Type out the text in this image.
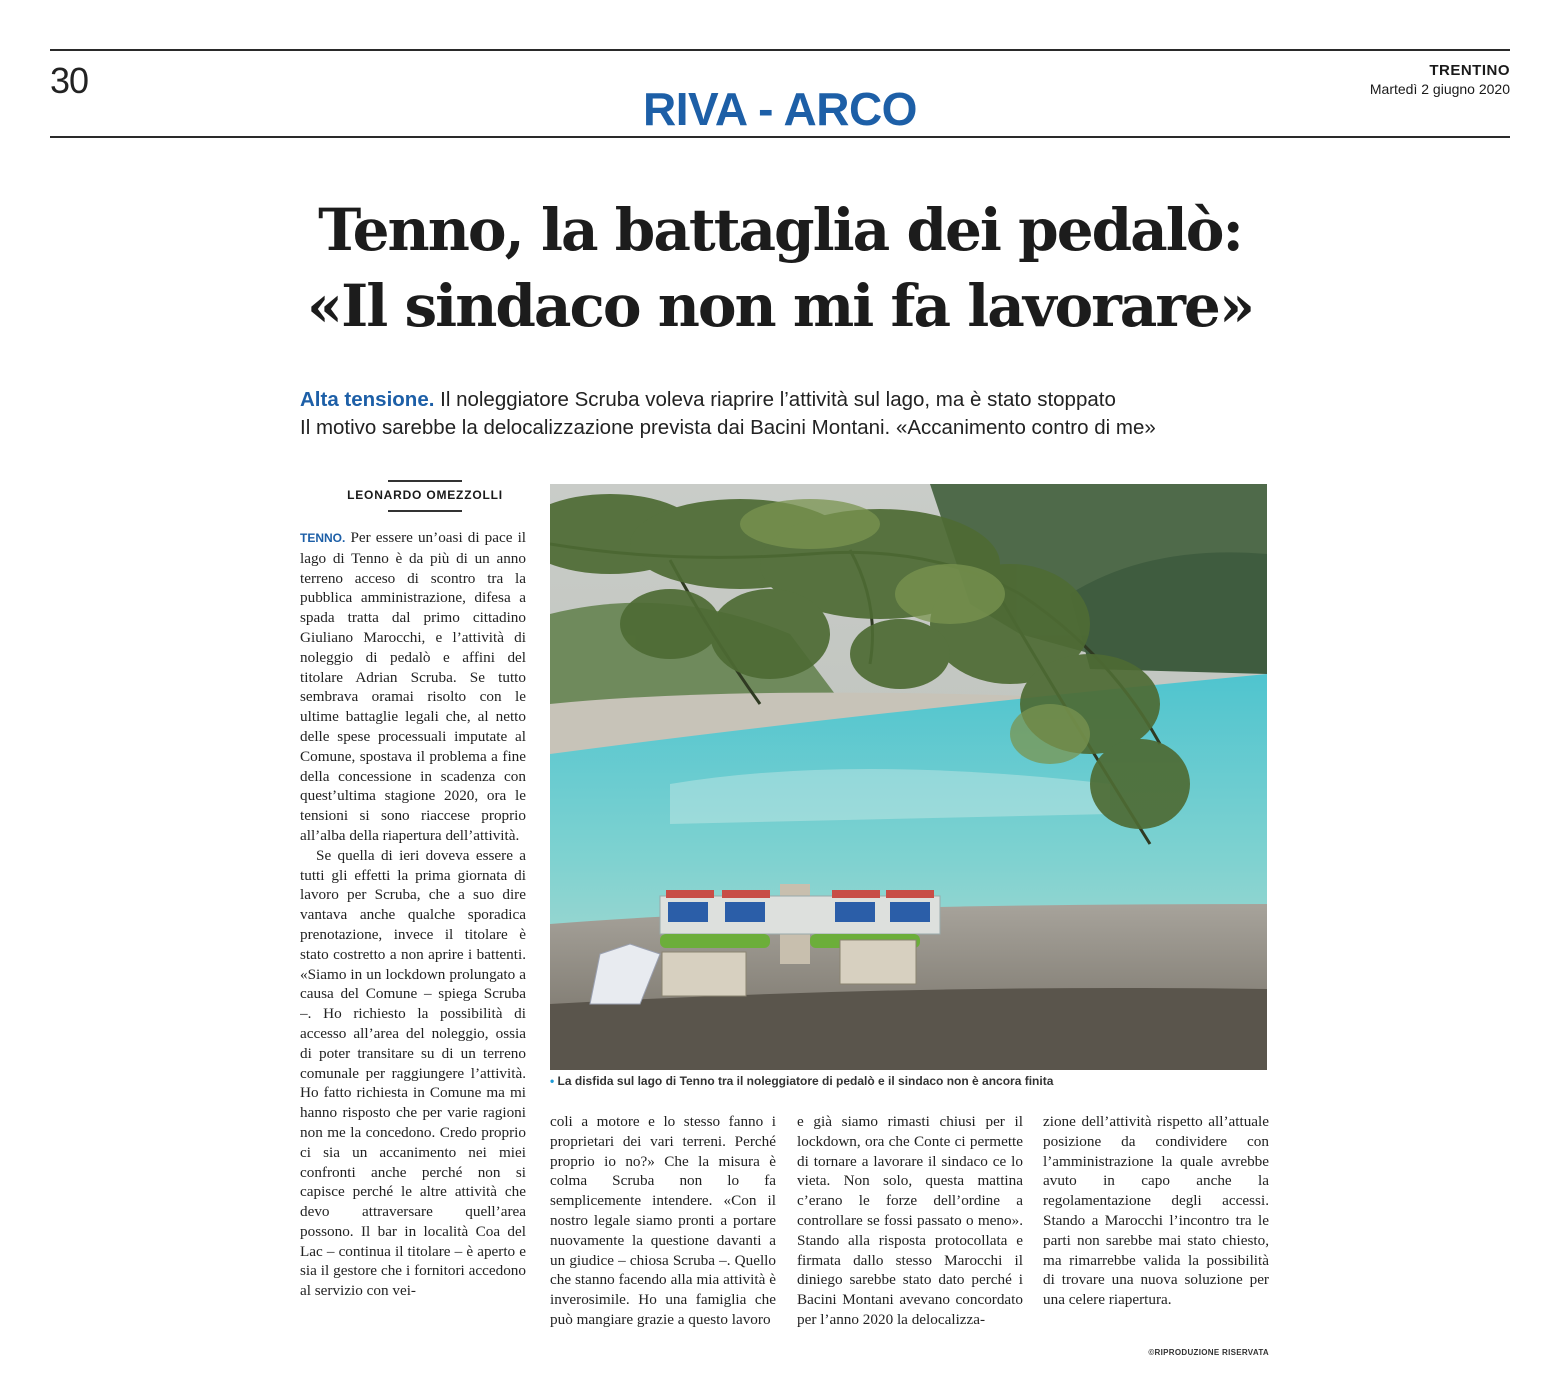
30
RIVA - ARCO
TRENTINO
Martedì 2 giugno 2020
Tenno, la battaglia dei pedalò:
«Il sindaco non mi fa lavorare»
Alta tensione. Il noleggiatore Scruba voleva riaprire l’attività sul lago, ma è stato stoppato
Il motivo sarebbe la delocalizzazione prevista dai Bacini Montani. «Accanimento contro di me»
LEONARDO OMEZZOLLI

TENNO. Per essere un’oasi di pace il lago di Tenno è da più di un anno terreno acceso di scontro tra la pubblica amministrazione, difesa a spada tratta dal primo cittadino Giuliano Marocchi, e l’attività di noleggio di pedalò e affini del titolare Adrian Scruba. Se tutto sembrava oramai risolto con le ultime battaglie legali che, al netto delle spese processuali imputate al Comune, spostava il problema a fine della concessione in scadenza con quest’ultima stagione 2020, ora le tensioni si sono riaccese proprio all’alba della riapertura dell’attività.

Se quella di ieri doveva essere a tutti gli effetti la prima giornata di lavoro per Scruba, che a suo dire vantava anche qualche sporadica prenotazione, invece il titolare è stato costretto a non aprire i battenti. «Siamo in un lockdown prolungato a causa del Comune – spiega Scruba –. Ho richiesto la possibilità di accesso all’area del noleggio, ossia di poter transitare su di un terreno comunale per raggiungere l’attività. Ho fatto richiesta in Comune ma mi hanno risposto che per varie ragioni non me la concedono. Credo proprio ci sia un accanimento nei miei confronti anche perché non si capisce perché le altre attività che devo attraversare quell’area possono. Il bar in località Coa del Lac – continua il titolare – è aperto e sia il gestore che i fornitori accedono al servizio con vei-

• La disfida sul lago di Tenno tra il noleggiatore di pedalò e il sindaco non è ancora finita

coli a motore e lo stesso fanno i proprietari dei vari terreni. Perché proprio io no?» Che la misura è colma Scruba non lo fa semplicemente intendere. «Con il nostro legale siamo pronti a portare nuovamente la questione davanti a un giudice – chiosa Scruba –. Quello che stanno facendo alla mia attività è inverosimile. Ho una famiglia che può mangiare grazie a questo lavoro

e già siamo rimasti chiusi per il lockdown, ora che Conte ci permette di tornare a lavorare il sindaco ce lo vieta. Non solo, questa mattina c’erano le forze dell’ordine a controllare se fossi passato o meno». Stando alla risposta protocollata e firmata dallo stesso Marocchi il diniego sarebbe stato dato perché i Bacini Montani avevano concordato per l’anno 2020 la delocalizza-

zione dell’attività rispetto all’attuale posizione da condividere con l’amministrazione la quale avrebbe avuto in capo anche la regolamentazione degli accessi. Stando a Marocchi l’incontro tra le parti non sarebbe mai stato chiesto, ma rimarrebbe valida la possibilità di trovare una nuova soluzione per una celere riapertura.

©RIPRODUZIONE RISERVATA
